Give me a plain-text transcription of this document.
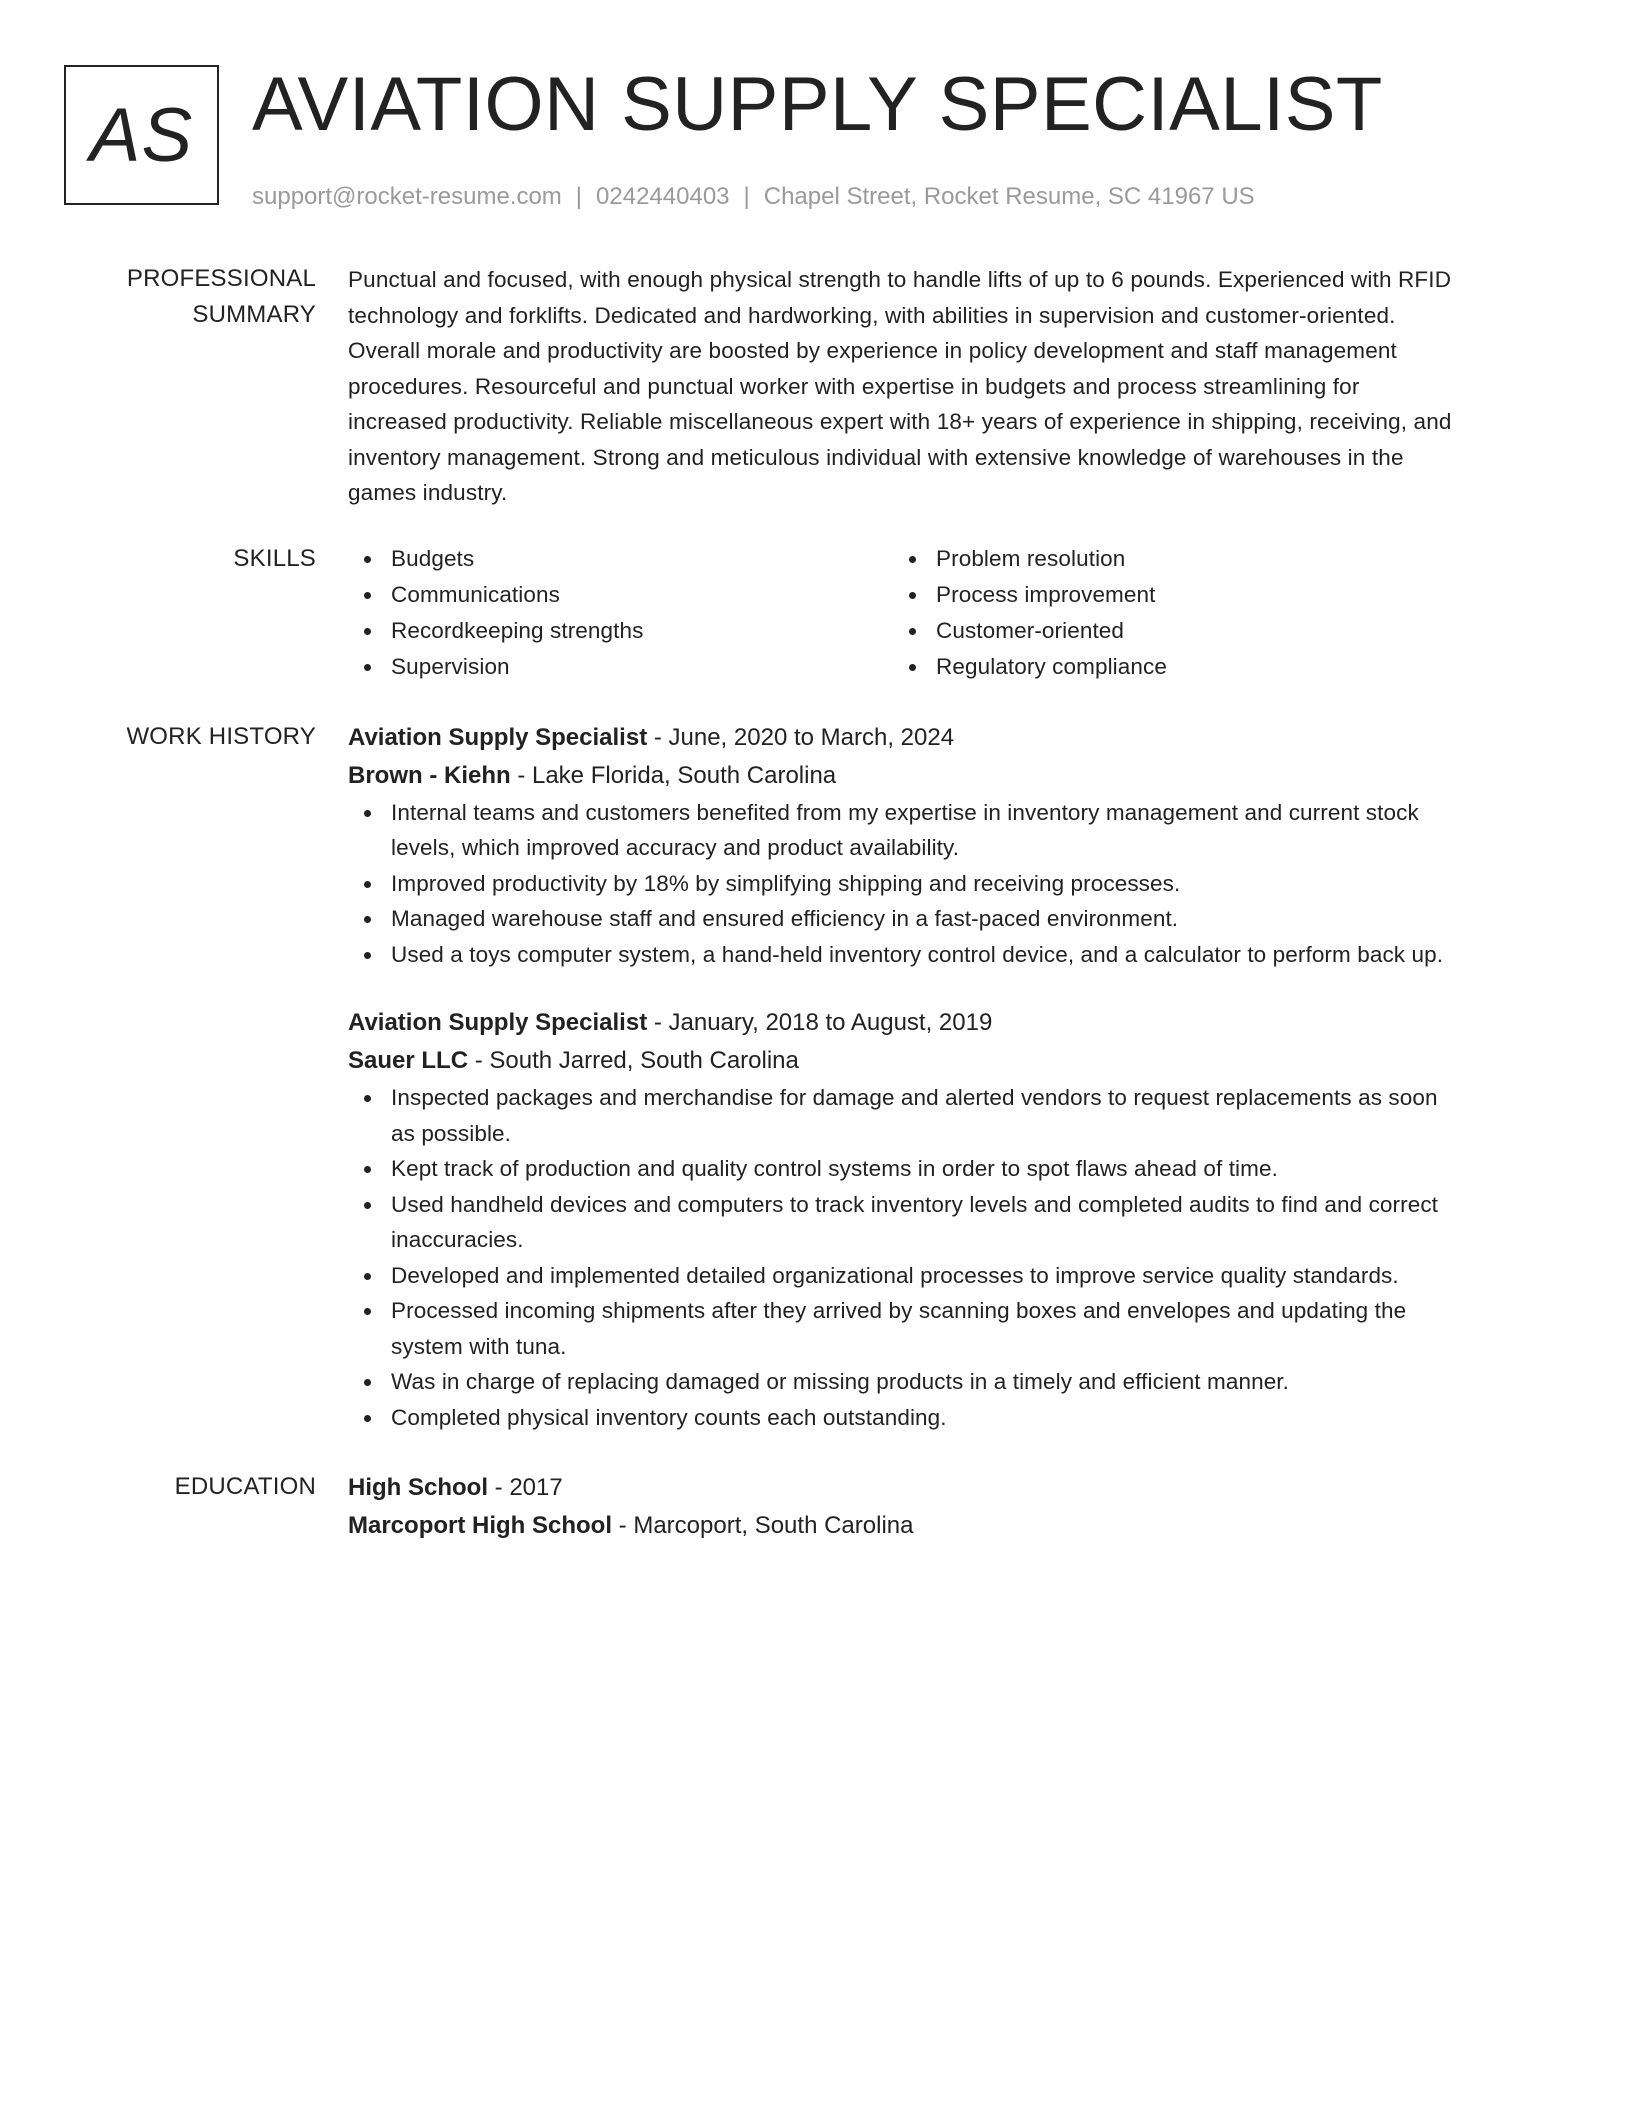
AS AVIATION SUPPLY SPECIALIST
support@rocket-resume.com | 0242440403 | Chapel Street, Rocket Resume, SC 41967 US
PROFESSIONAL SUMMARY

Punctual and focused, with enough physical strength to handle lifts of up to 6 pounds. Experienced with RFID technology and forklifts. Dedicated and hardworking, with abilities in supervision and customer-oriented. Overall morale and productivity are boosted by experience in policy development and staff management procedures. Resourceful and punctual worker with expertise in budgets and process streamlining for increased productivity. Reliable miscellaneous expert with 18+ years of experience in shipping, receiving, and inventory management. Strong and meticulous individual with extensive knowledge of warehouses in the games industry.

SKILLS	Budgets
Communications
Recordkeeping strengths
Supervision
Problem resolution
Process improvement
Customer-oriented
Regulatory compliance
WORK HISTORY	Aviation Supply Specialist - June, 2020 to March, 2024

Brown - Kiehn - Lake Florida, South Carolina

Internal teams and customers benefited from my expertise in inventory management and current stock levels, which improved accuracy and product availability.
Improved productivity by 18% by simplifying shipping and receiving processes.
Managed warehouse staff and ensured efficiency in a fast-paced environment.
Used a toys computer system, a hand-held inventory control device, and a calculator to perform back up.

Aviation Supply Specialist - January, 2018 to August, 2019

Sauer LLC - South Jarred, South Carolina

Inspected packages and merchandise for damage and alerted vendors to request replacements as soon as possible.
Kept track of production and quality control systems in order to spot flaws ahead of time.
Used handheld devices and computers to track inventory levels and completed audits to find and correct inaccuracies.
Developed and implemented detailed organizational processes to improve service quality standards.
Processed incoming shipments after they arrived by scanning boxes and envelopes and updating the system with tuna.
Was in charge of replacing damaged or missing products in a timely and efficient manner.
Completed physical inventory counts each outstanding.
EDUCATION	High School - 2017

Marcoport High School - Marcoport, South Carolina
